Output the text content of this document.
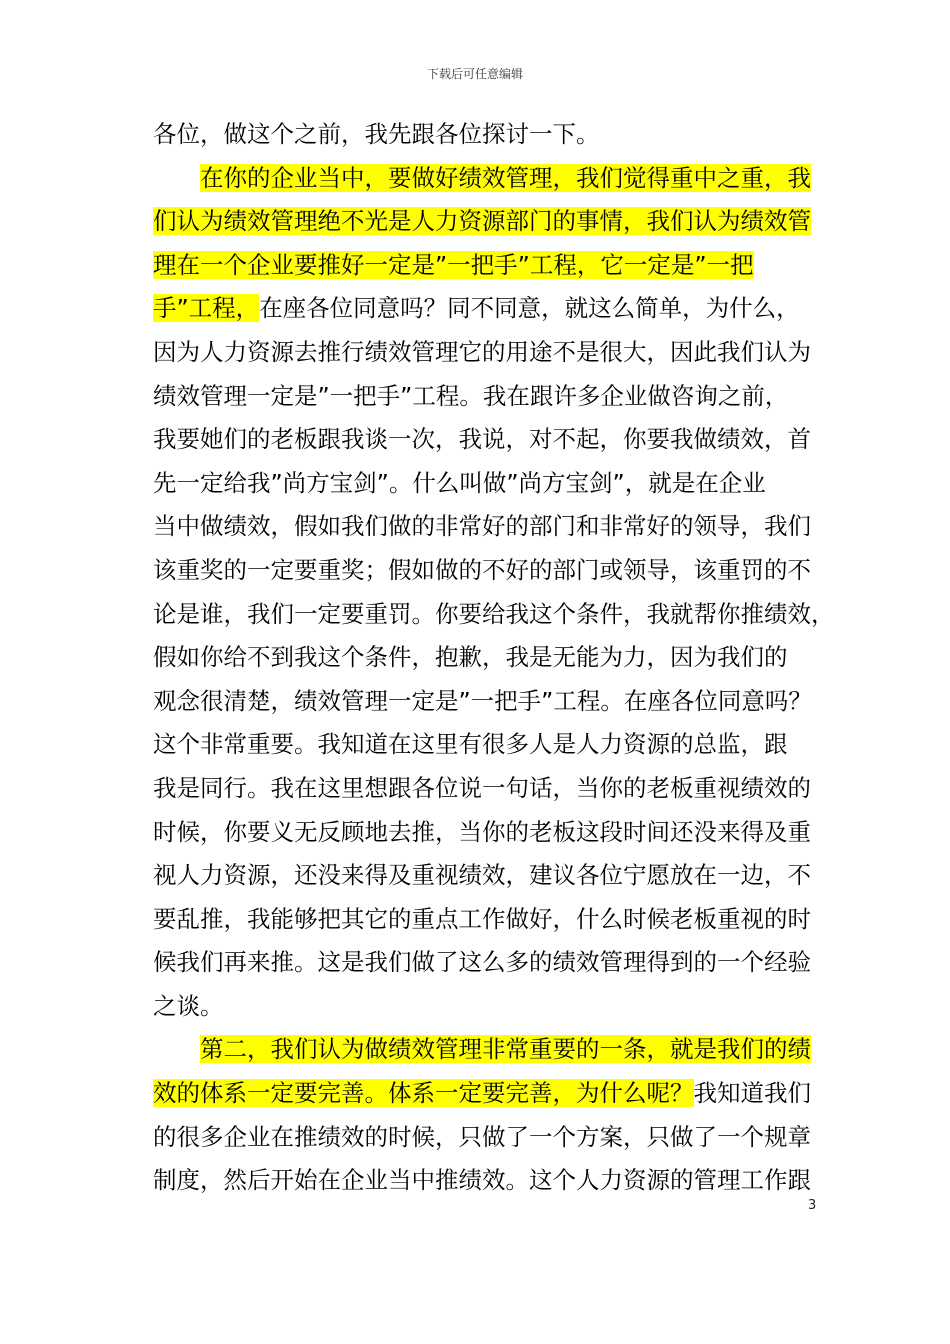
下载后可任意编辑
各位，做这个之前，我先跟各位探讨一下。
　　在你的企业当中，要做好绩效管理，我们觉得重中之重，我
们认为绩效管理绝不光是人力资源部门的事情，我们认为绩效管
理在一个企业要推好一定是”一把手”工程，它一定是”一把
手”工程，在座各位同意吗？同不同意，就这么简单，为什么，
因为人力资源去推行绩效管理它的用途不是很大，因此我们认为
绩效管理一定是”一把手”工程。我在跟许多企业做咨询之前，
我要她们的老板跟我谈一次，我说，对不起，你要我做绩效，首
先一定给我”尚方宝剑”。什么叫做”尚方宝剑”，就是在企业
当中做绩效，假如我们做的非常好的部门和非常好的领导，我们
该重奖的一定要重奖；假如做的不好的部门或领导，该重罚的不
论是谁，我们一定要重罚。你要给我这个条件，我就帮你推绩效，
假如你给不到我这个条件，抱歉，我是无能为力，因为我们的
观念很清楚，绩效管理一定是”一把手”工程。在座各位同意吗？
这个非常重要。我知道在这里有很多人是人力资源的总监，跟
我是同行。我在这里想跟各位说一句话，当你的老板重视绩效的
时候，你要义无反顾地去推，当你的老板这段时间还没来得及重
视人力资源，还没来得及重视绩效，建议各位宁愿放在一边，不
要乱推，我能够把其它的重点工作做好，什么时候老板重视的时
候我们再来推。这是我们做了这么多的绩效管理得到的一个经验
之谈。
　　第二，我们认为做绩效管理非常重要的一条，就是我们的绩
效的体系一定要完善。体系一定要完善，为什么呢？我知道我们
的很多企业在推绩效的时候，只做了一个方案，只做了一个规章
制度，然后开始在企业当中推绩效。这个人力资源的管理工作跟
3
